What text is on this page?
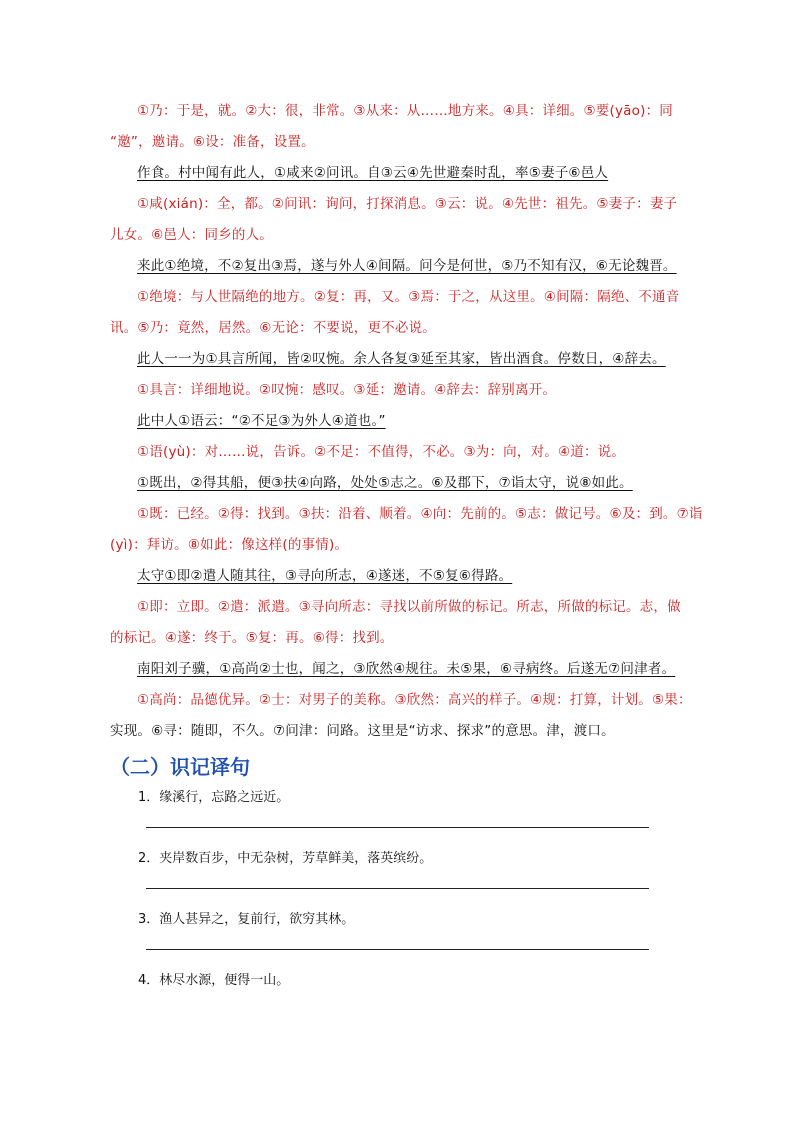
①乃：于是，就。②大：很，非常。③从来：从……地方来。④具：详细。⑤要(yāo)：同

“邀”，邀请。⑥设：准备，设置。

作食。村中闻有此人，①咸来②问讯。自③云④先世避秦时乱，率⑤妻子⑥邑人

①咸(xián)：全，都。②问讯：询问，打探消息。③云：说。④先世：祖先。⑤妻子：妻子

儿女。⑥邑人：同乡的人。

来此①绝境，不②复出③焉，遂与外人④间隔。问今是何世，⑤乃不知有汉，⑥无论魏晋。

①绝境：与人世隔绝的地方。②复：再，又。③焉：于之，从这里。④间隔：隔绝、不通音

讯。⑤乃：竟然，居然。⑥无论：不要说，更不必说。

此人一一为①具言所闻，皆②叹惋。余人各复③延至其家，皆出酒食。停数日，④辞去。

①具言：详细地说。②叹惋：感叹。③延：邀请。④辞去：辞别离开。

此中人①语云：“②不足③为外人④道也。”

①语(yù)：对……说，告诉。②不足：不值得，不必。③为：向，对。④道：说。

①既出，②得其船，便③扶④向路，处处⑤志之。⑥及郡下，⑦诣太守，说⑧如此。

①既：已经。②得：找到。③扶：沿着、顺着。④向：先前的。⑤志：做记号。⑥及：到。⑦诣

(yì)：拜访。⑧如此：像这样(的事情)。

太守①即②遣人随其往，③寻向所志，④遂迷，不⑤复⑥得路。

①即：立即。②遣：派遣。③寻向所志：寻找以前所做的标记。所志，所做的标记。志，做

的标记。④遂：终于。⑤复：再。⑥得：找到。

南阳刘子骥，①高尚②士也，闻之，③欣然④规往。未⑤果，⑥寻病终。后遂无⑦问津者。

①高尚：品德优异。②士：对男子的美称。③欣然：高兴的样子。④规：打算，计划。⑤果：

实现。⑥寻：随即，不久。⑦问津：问路。这里是“访求、探求”的意思。津，渡口。

（二）识记译句

1．缘溪行，忘路之远近。

2．夹岸数百步，中无杂树，芳草鲜美，落英缤纷。

3．渔人甚异之，复前行，欲穷其林。

4．林尽水源，便得一山。
